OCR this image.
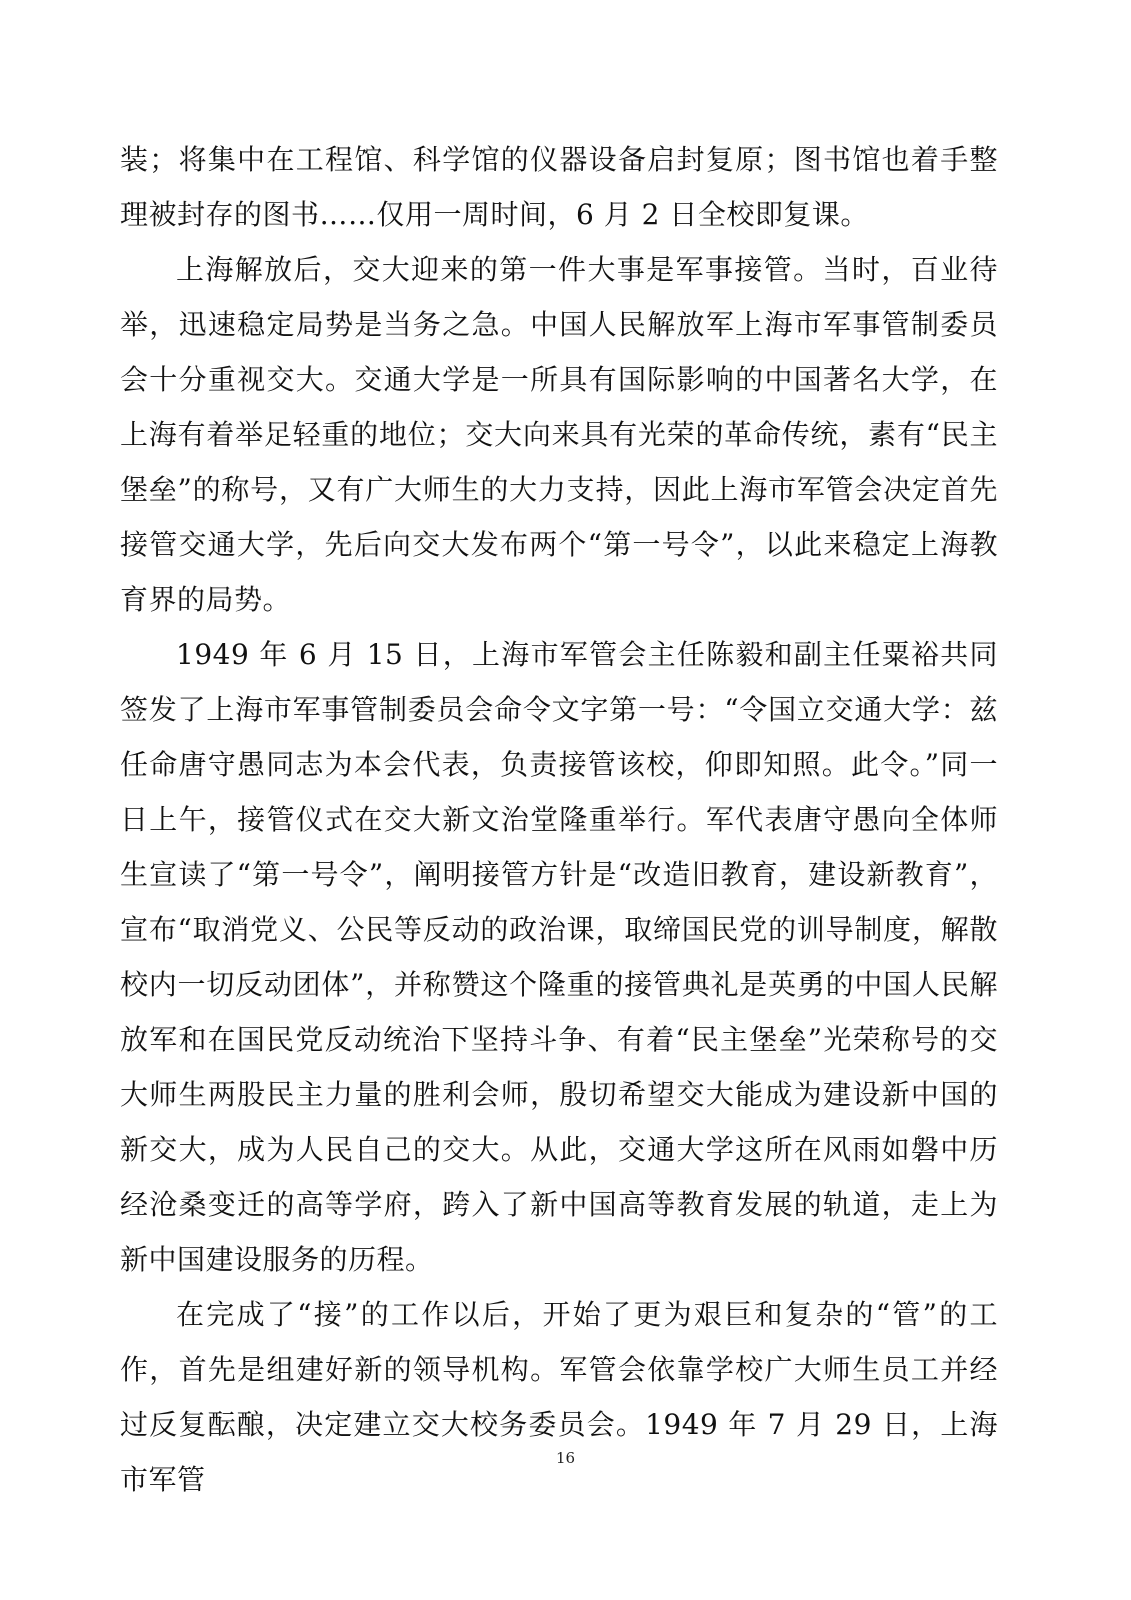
装；将集中在工程馆、科学馆的仪器设备启封复原；图书馆也着手整理被封存的图书……仅用一周时间，6 月 2 日全校即复课。

上海解放后，交大迎来的第一件大事是军事接管。当时，百业待举，迅速稳定局势是当务之急。中国人民解放军上海市军事管制委员会十分重视交大。交通大学是一所具有国际影响的中国著名大学，在上海有着举足轻重的地位；交大向来具有光荣的革命传统，素有“民主堡垒”的称号，又有广大师生的大力支持，因此上海市军管会决定首先接管交通大学，先后向交大发布两个“第一号令”，以此来稳定上海教育界的局势。

1949 年 6 月 15 日，上海市军管会主任陈毅和副主任粟裕共同签发了上海市军事管制委员会命令文字第一号：“令国立交通大学：兹任命唐守愚同志为本会代表，负责接管该校，仰即知照。此令。”同一日上午，接管仪式在交大新文治堂隆重举行。军代表唐守愚向全体师生宣读了“第一号令”，阐明接管方针是“改造旧教育，建设新教育”，宣布“取消党义、公民等反动的政治课，取缔国民党的训导制度，解散校内一切反动团体”，并称赞这个隆重的接管典礼是英勇的中国人民解放军和在国民党反动统治下坚持斗争、有着“民主堡垒”光荣称号的交大师生两股民主力量的胜利会师，殷切希望交大能成为建设新中国的新交大，成为人民自己的交大。从此，交通大学这所在风雨如磐中历经沧桑变迁的高等学府，跨入了新中国高等教育发展的轨道，走上为新中国建设服务的历程。

在完成了“接”的工作以后，开始了更为艰巨和复杂的“管”的工作，首先是组建好新的领导机构。军管会依靠学校广大师生员工并经过反复酝酿，决定建立交大校务委员会。1949 年 7 月 29 日，上海市军管

16
